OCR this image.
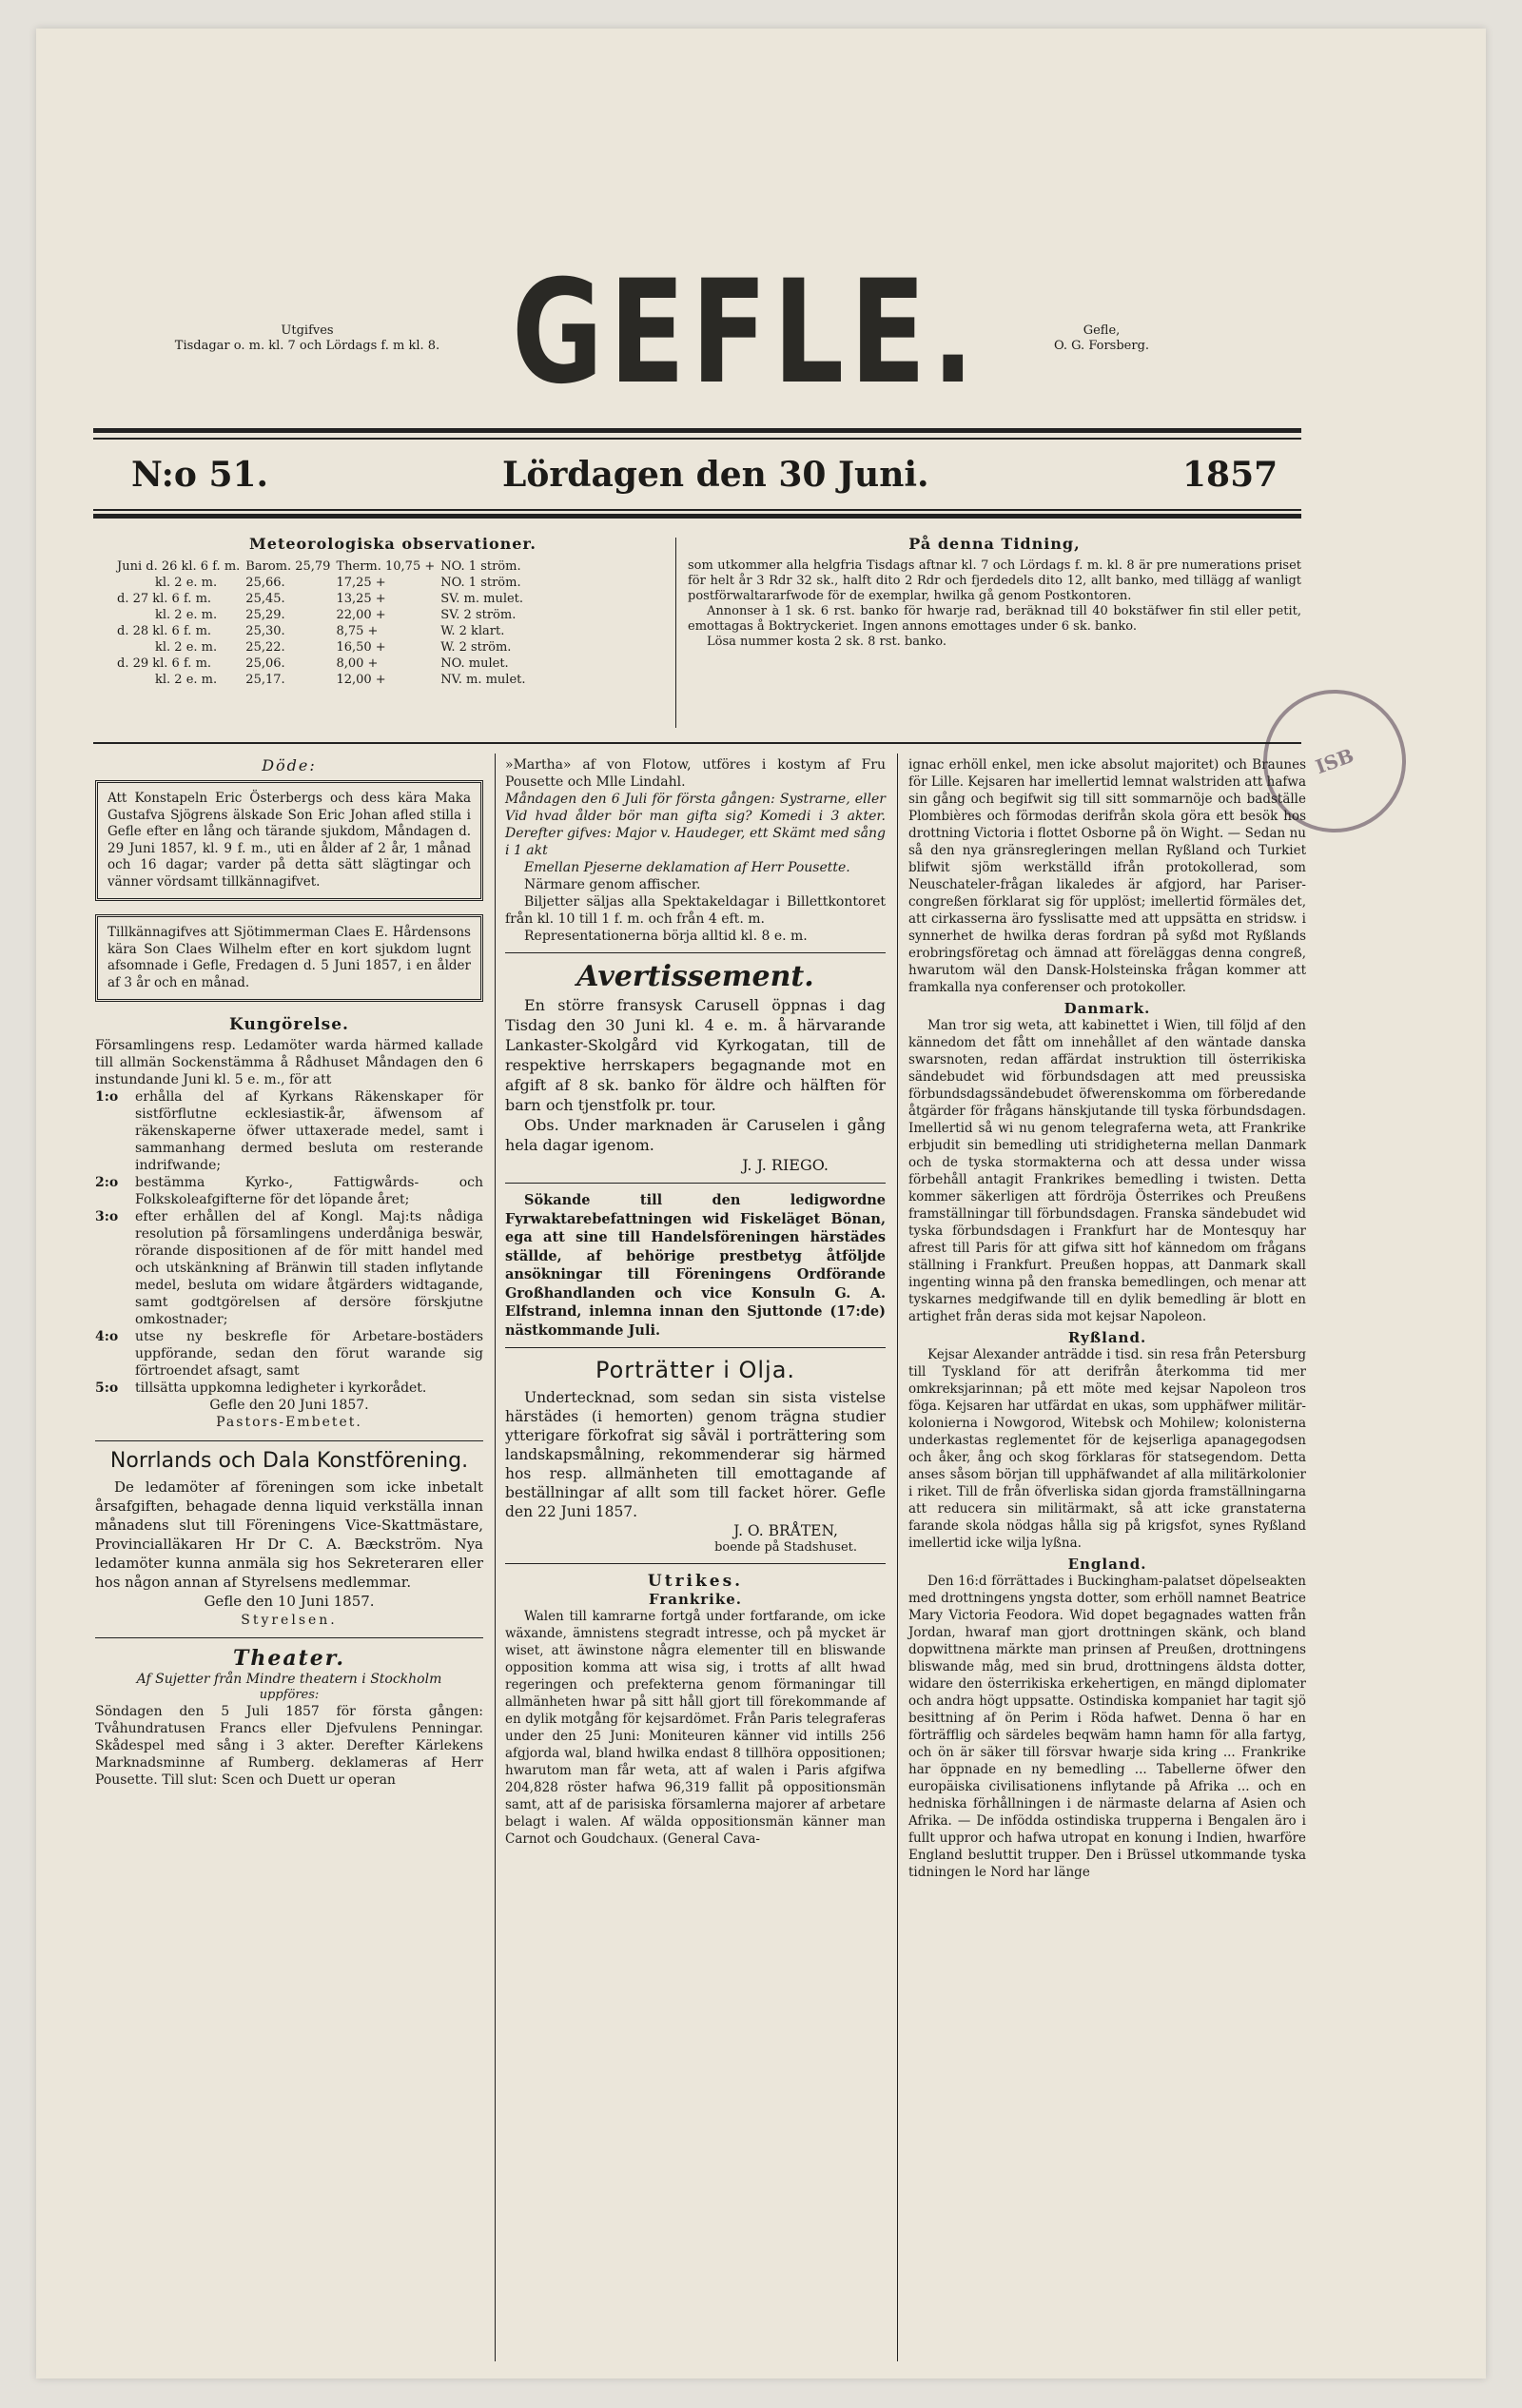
Utgifves
Tisdagar o. m. kl. 7 och Lördags f. m kl. 8. GEFLE.	Gefle,
O. G. Forsberg.
N:o 51.	Lördagen den 30 Juni.	1857
Meteorologiska observationer.
Juni d. 26 kl. 6 f. m.	Barom. 25,79	Therm. 10,75 +	NO. 1 ström.
kl. 2 e. m.	25,66.	17,25 +	NO. 1 ström.
d. 27 kl. 6 f. m.	25,45.	13,25 +	SV. m. mulet.
kl. 2 e. m.	25,29.	22,00 +	SV. 2 ström.
d. 28 kl. 6 f. m.	25,30.	8,75 +	W. 2 klart.
kl. 2 e. m.	25,22.	16,50 +	W. 2 ström.
d. 29 kl. 6 f. m.	25,06.	8,00 +	NO. mulet.
kl. 2 e. m.	25,17.	12,00 +	NV. m. mulet.
På denna Tidning,
som utkommer alla helgfria Tisdags aftnar kl. 7 och Lördags f. m. kl. 8 är pre numerations priset för helt år 3 Rdr 32 sk., halft dito 2 Rdr och fjerdedels dito 12, allt banko, med tillägg af wanligt postförwaltararfwode för de exemplar, hwilka gå genom Postkontoren.
Annonser à 1 sk. 6 rst. banko för hwarje rad, beräknad till 40 bokstäfwer fin stil eller petit, emottagas å Boktryckeriet. Ingen annons emottages under 6 sk. banko.
Lösa nummer kosta 2 sk. 8 rst. banko.
ISB
Döde:
Att Konstapeln Eric Österbergs och dess kära Maka Gustafva Sjögrens älskade Son Eric Johan afled stilla i Gefle efter en lång och tärande sjukdom, Måndagen d. 29 Juni 1857, kl. 9 f. m., uti en ålder af 2 år, 1 månad och 16 dagar; varder på detta sätt slägtingar och vänner vördsamt tillkännagifvet.
Tillkännagifves att Sjötimmerman Claes E. Hårdensons kära Son Claes Wilhelm efter en kort sjukdom lugnt afsomnade i Gefle, Fredagen d. 5 Juni 1857, i en ålder af 3 år och en månad.
Kungörelse.
Församlingens resp. Ledamöter warda härmed kallade till allmän Sockenstämma å Rådhuset Måndagen den 6 instundande Juni kl. 5 e. m., för att
1:o	erhålla del af Kyrkans Räkenskaper för sistförflutne ecklesiastik-år, äfwensom af räkenskaperne öfwer uttaxerade medel, samt i sammanhang dermed besluta om resterande indrifwande;
2:o	bestämma Kyrko-, Fattigwårds- och Folkskoleafgifterne för det löpande året;
3:o	efter erhållen del af Kongl. Maj:ts nådiga resolution på församlingens underdåniga beswär, rörande dispositionen af de för mitt handel med och utskänkning af Bränwin till staden inflytande medel, besluta om widare åtgärders widtagande, samt godtgörelsen af dersöre förskjutne omkostnader;
4:o	utse ny beskrefle för Arbetare-bostäders uppförande, sedan den förut warande sig förtroendet afsagt, samt
5:o	tillsätta uppkomna ledigheter i kyrkorådet.
Gefle den 20 Juni 1857.
Pastors-Embetet.
Norrlands och Dala Konstförening.
De ledamöter af föreningen som icke inbetalt årsafgiften, behagade denna liquid verkställa innan månadens slut till Föreningens Vice-Skattmästare, Provincialläkaren Hr Dr C. A. Bæckström. Nya ledamöter kunna anmäla sig hos Sekreteraren eller hos någon annan af Styrelsens medlemmar.
Gefle den 10 Juni 1857.
Styrelsen.
Theater.
Af Sujetter från Mindre theatern i Stockholm
uppföres:
Söndagen den 5 Juli 1857 för första gången: Tvåhundratusen Francs eller Djefvulens Penningar. Skådespel med sång i 3 akter. Derefter Kärlekens Marknadsminne af Rumberg. deklameras af Herr Pousette. Till slut: Scen och Duett ur operan
»Martha» af von Flotow, utföres i kostym af Fru Pousette och Mlle Lindahl.
Måndagen den 6 Juli för första gången: Systrarne, eller Vid hvad ålder bör man gifta sig? Komedi i 3 akter. Derefter gifves: Major v. Haudeger, ett Skämt med sång i 1 akt
Emellan Pjeserne deklamation af Herr Pousette.
Närmare genom affischer.
Biljetter säljas alla Spektakeldagar i Billettkontoret från kl. 10 till 1 f. m. och från 4 eft. m.
Representationerna börja alltid kl. 8 e. m.
Avertissement.
En större fransysk Carusell öppnas i dag Tisdag den 30 Juni kl. 4 e. m. å härvarande Lankaster-Skolgård vid Kyrkogatan, till de respektive herrskapers begagnande mot en afgift af 8 sk. banko för äldre och hälften för barn och tjenstfolk pr. tour.
Obs. Under marknaden är Caruselen i gång hela dagar igenom.
J. J. RIEGO.
Sökande till den ledigwordne Fyrwaktarebefattningen wid Fiskeläget Bönan, ega att sine till Handelsföreningen härstädes ställde, af behörige prestbetyg åtföljde ansökningar till Föreningens Ordförande Großhandlanden och vice Konsuln G. A. Elfstrand, inlemna innan den Sjuttonde (17:de) nästkommande Juli.
Porträtter i Olja.
Undertecknad, som sedan sin sista vistelse härstädes (i hemorten) genom trägna studier ytterigare förkofrat sig såväl i porträttering som landskapsmålning, rekommenderar sig härmed hos resp. allmänheten till emottagande af beställningar af allt som till facket hörer. Gefle den 22 Juni 1857.
J. O. BRÅTEN,
boende på Stadshuset.
Utrikes.
Frankrike.
Walen till kamrarne fortgå under fortfarande, om icke wäxande, ämnistens stegradt intresse, och på mycket är wiset, att äwinstone några elementer till en bliswande opposition komma att wisa sig, i trotts af allt hwad regeringen och prefekterna genom förmaningar till allmänheten hwar på sitt håll gjort till förekommande af en dylik motgång för kejsardömet. Från Paris telegraferas under den 25 Juni: Moniteuren känner vid intills 256 afgjorda wal, bland hwilka endast 8 tillhöra oppositionen; hwarutom man får weta, att af walen i Paris afgifwa 204,828 röster hafwa 96,319 fallit på oppositionsmän samt, att af de parisiska församlerna majorer af arbetare belagt i walen. Af wälda oppositionsmän känner man Carnot och Goudchaux. (General Cava-
ignac erhöll enkel, men icke absolut majoritet) och Braunes för Lille. Kejsaren har imellertid lemnat walstriden att hafwa sin gång och begifwit sig till sitt sommarnöje och badställe Plombières och förmodas derifrån skola göra ett besök hos drottning Victoria i flottet Osborne på ön Wight. — Sedan nu så den nya gränsregleringen mellan Ryßland och Turkiet blifwit sjöm werkställd ifrån protokollerad, som Neuschateler-frågan likaledes är afgjord, har Pariser-congreßen förklarat sig för upplöst; imellertid förmäles det, att cirkasserna äro fysslisatte med att uppsätta en stridsw. i synnerhet de hwilka deras fordran på syßd mot Ryßlands erobringsföretag och ämnad att föreläggas denna congreß, hwarutom wäl den Dansk-Holsteinska frågan kommer att framkalla nya conferenser och protokoller.
Danmark.
Man tror sig weta, att kabinettet i Wien, till följd af den kännedom det fått om innehållet af den wäntade danska swarsnoten, redan affärdat instruktion till österrikiska sändebudet wid förbundsdagen att med preussiska förbundsdagssändebudet öfwerenskomma om förberedande åtgärder för frågans hänskjutande till tyska förbundsdagen. Imellertid så wi nu genom telegraferna weta, att Frankrike erbjudit sin bemedling uti stridigheterna mellan Danmark och de tyska stormakterna och att dessa under wissa förbehåll antagit Frankrikes bemedling i twisten. Detta kommer säkerligen att fördröja Österrikes och Preußens framställningar till förbundsdagen. Franska sändebudet wid tyska förbundsdagen i Frankfurt har de Montesquy har afrest till Paris för att gifwa sitt hof kännedom om frågans ställning i Frankfurt. Preußen hoppas, att Danmark skall ingenting winna på den franska bemedlingen, och menar att tyskarnes medgifwande till en dylik bemedling är blott en artighet från deras sida mot kejsar Napoleon.
Ryßland.
Kejsar Alexander anträdde i tisd. sin resa från Petersburg till Tyskland för att derifrån återkomma tid mer omkreksjarinnan; på ett möte med kejsar Napoleon tros föga. Kejsaren har utfärdat en ukas, som upphäfwer militär-kolonierna i Nowgorod, Witebsk och Mohilew; kolonisterna underkastas reglementet för de kejserliga apanagegodsen och åker, ång och skog förklaras för statsegendom. Detta anses såsom början till upphäfwandet af alla militärkolonier i riket. Till de från öfverliska sidan gjorda framställningarna att reducera sin militärmakt, så att icke granstaterna farande skola nödgas hålla sig på krigsfot, synes Ryßland imellertid icke wilja lyßna.
England.
Den 16:d förrättades i Buckingham-palatset döpelseakten med drottningens yngsta dotter, som erhöll namnet Beatrice Mary Victoria Feodora. Wid dopet begagnades watten från Jordan, hwaraf man gjort drottningen skänk, och bland dopwittnena märkte man prinsen af Preußen, drottningens bliswande måg, med sin brud, drottningens äldsta dotter, widare den österrikiska erkehertigen, en mängd diplomater och andra högt uppsatte. Ostindiska kompaniet har tagit sjö besittning af ön Perim i Röda hafwet. Denna ö har en förträfflig och särdeles beqwäm hamn hamn för alla fartyg, och ön är säker till försvar hwarje sida kring ... Frankrike har öppnade en ny bemedling ... Tabellerne öfwer den europäiska civilisationens inflytande på Afrika ... och en hedniska förhållningen i de närmaste delarna af Asien och Afrika. — De infödda ostindiska trupperna i Bengalen äro i fullt uppror och hafwa utropat en konung i Indien, hwarföre England besluttit trupper. Den i Brüssel utkommande tyska tidningen le Nord har länge
